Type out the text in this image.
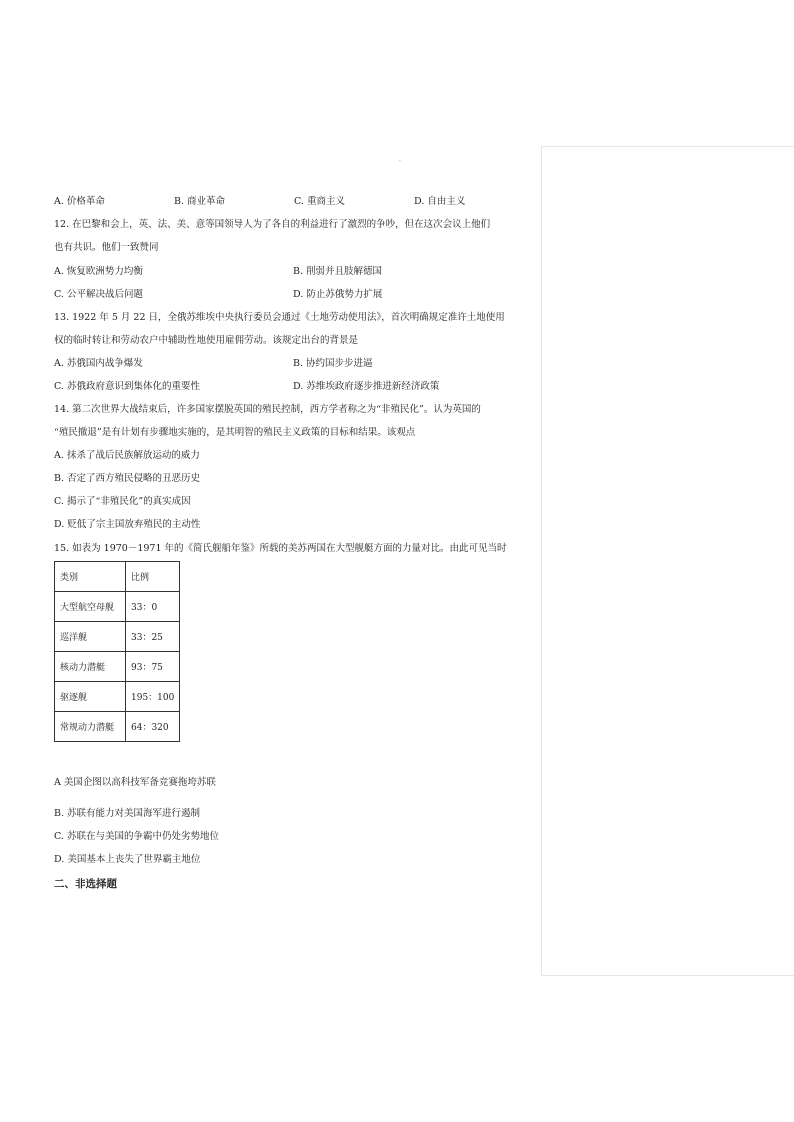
·
A. 价格革命	B. 商业革命	C. 重商主义	D. 自由主义
12. 在巴黎和会上，英、法、美、意等国领导人为了各自的利益进行了激烈的争吵，但在这次会议上他们
也有共识。他们一致赞同
A. 恢复欧洲势力均衡	B. 削弱并且肢解德国
C. 公平解决战后问题	D. 防止苏俄势力扩展
13. 1922 年 5 月 22 日，全俄苏维埃中央执行委员会通过《土地劳动使用法》，首次明确规定准许土地使用
权的临时转让和劳动农户中辅助性地使用雇佣劳动。该规定出台的背景是
A. 苏俄国内战争爆发	B. 协约国步步进逼
C. 苏俄政府意识到集体化的重要性	D. 苏维埃政府逐步推进新经济政策
14. 第二次世界大战结束后，许多国家摆脱英国的殖民控制，西方学者称之为“非殖民化”。认为英国的
“殖民撤退”是有计划有步骤地实施的，是其明智的殖民主义政策的目标和结果。该观点
A. 抹杀了战后民族解放运动的威力
B. 否定了西方殖民侵略的丑恶历史
C. 揭示了“非殖民化”的真实成因
D. 贬低了宗主国放弃殖民的主动性
15. 如表为 1970－1971 年的《简氏舰船年鉴》所载的美苏两国在大型舰艇方面的力量对比。由此可见当时
类别	比例
大型航空母舰	33：0
巡洋舰	33：25
核动力潜艇	93：75
驱逐舰	195：100
常规动力潜艇	64：320
A 美国企图以高科技军备竞赛拖垮苏联
B. 苏联有能力对美国海军进行遏制
C. 苏联在与美国的争霸中仍处劣势地位
D. 美国基本上丧失了世界霸主地位
二、非选择题
